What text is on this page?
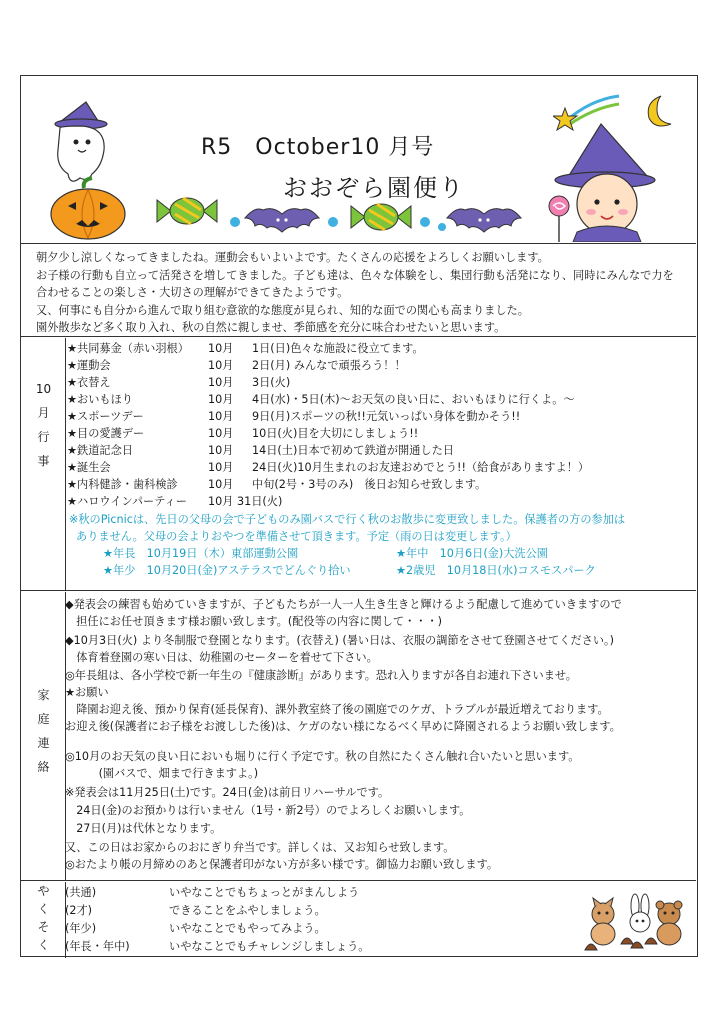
R5　October10 月号
おおぞら園便り

朝夕少し涼しくなってきましたね。運動会もいよいよです。たくさんの応援をよろしくお願いします。

お子様の行動も自立って活発さを増してきました。子ども達は、色々な体験をし、集団行動も活発になり、同時にみんなで力を

合わせることの楽しさ・大切さの理解ができてきたようです。

又、何事にも自分から進んで取り組む意欲的な態度が見られ、知的な面での関心も高まりました。

園外散歩など多く取り入れ、秋の自然に親しませ、季節感を充分に味合わせたいと思います。

10
月
行
事
★共同募金（赤い羽根） 10月 1日(日)色々な施設に役立てます。
★運動会	10月 2日(月) みんなで頑張ろう！！
★衣替え	10月 3日(火)
★おいもほり	10月 4日(水)・5日(木)～お天気の良い日に、おいもほりに行くよ。～
★スポーツデー	10月 9日(月)スポーツの秋!!元気いっぱい身体を動かそう!!
★目の愛護デー	10月 10日(火)目を大切にしましょう!!
★鉄道記念日	10月 14日(土)日本で初めて鉄道が開通した日
★誕生会	10月 24日(火)10月生まれのお友達おめでとう!!（給食がありますよ！）
★内科健診・歯科検診	10月 中旬(2号・3号のみ)　後日お知らせ致します。
★ハロウインパーティー 10月 31日(火)
※秋のPicnicは、先日の父母の会で子どものみ園バスで行く秋のお散歩に変更致しました。保護者の方の参加は
ありません。父母の会よりおやつを準備させて頂きます。予定（雨の日は変更します。）
★年長　10月19日（木）東部運動公園	★年中　10月6日(金)大洗公園
★年少　10月20日(金)アステラスでどんぐり拾い	★2歳児　10月18日(水)コスモスパーク
家
庭
連
絡
◆発表会の練習も始めていきますが、子どもたちが一人一人生き生きと輝けるよう配慮して進めていきますので
　担任にお任せ頂きます様お願い致します。(配役等の内容に関して・・・)
◆10月3日(火) より冬制服で登園となります。(衣替え) (暑い日は、衣服の調節をさせて登園させてください。)
　体育着登園の寒い日は、幼稚園のセーターを着せて下さい。
◎年長組は、各小学校で新一年生の『健康診断』があります。恐れ入りますが各自お連れ下さいませ。
★お願い
　降園お迎え後、預かり保育(延長保育)、課外教室終了後の園庭でのケガ、トラブルが最近増えております。
お迎え後(保護者にお子様をお渡しした後)は、ケガのない様になるべく早めに降園されるようお願い致します。
◎10月のお天気の良い日においも堀りに行く予定です。秋の自然にたくさん触れ合いたいと思います。
　　　(園バスで、畑まで行きますよ。)
※発表会は11月25日(土)です。24日(金)は前日リハーサルです。
　24日(金)のお預かりは行いません（1号・新2号）のでよろしくお願いします。
　27日(月)は代休となります。
又、この日はお家からのおにぎり弁当です。詳しくは、又お知らせ致します。
◎おたより帳の月締めのあと保護者印がない方が多い様です。御協力お願い致します。
や
く
そ
く
(共通)	いやなことでもちょっとがまんしよう
(2才)	できることをふやしましょう。
(年少)	いやなことでもやってみよう。
(年長・年中)	いやなことでもチャレンジしましょう。
